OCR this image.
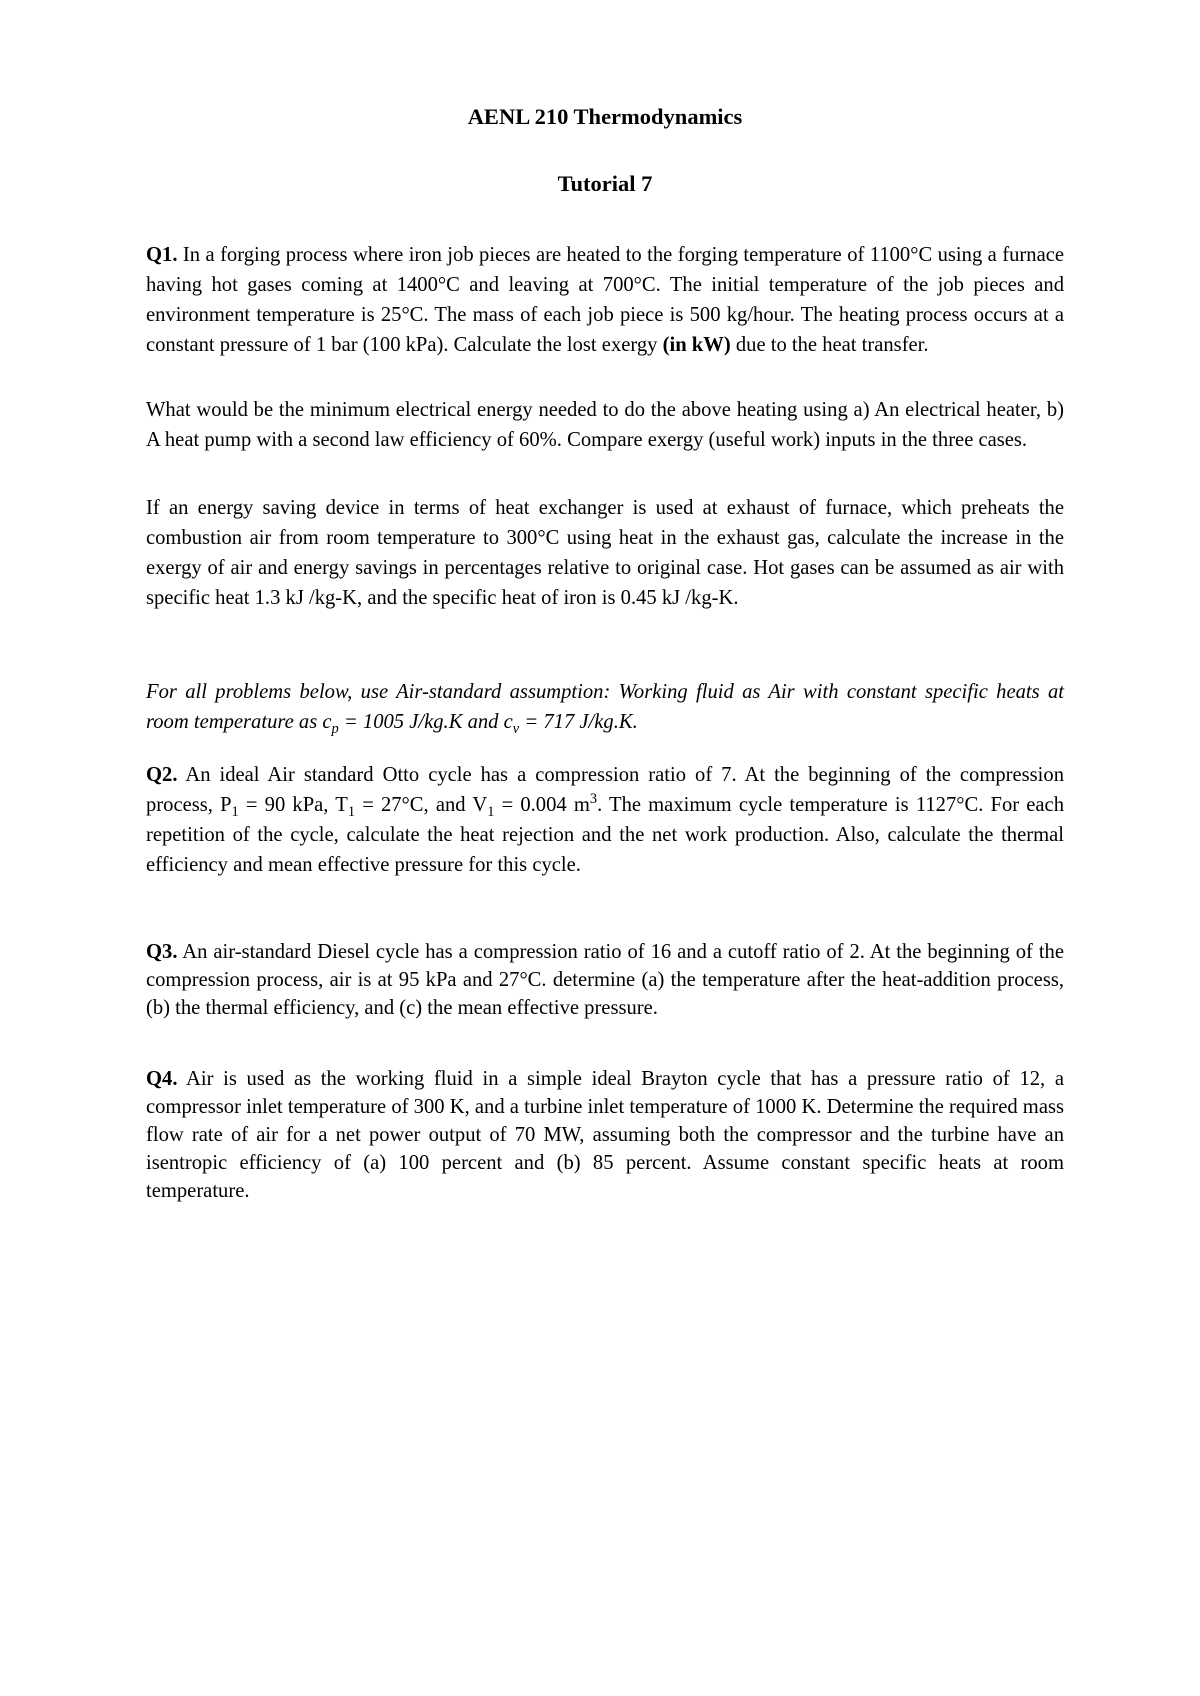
AENL 210 Thermodynamics
Tutorial 7

Q1. In a forging process where iron job pieces are heated to the forging temperature of 1100°C using a furnace having hot gases coming at 1400°C and leaving at 700°C. The initial temperature of the job pieces and environment temperature is 25°C. The mass of each job piece is 500 kg/hour. The heating process occurs at a constant pressure of 1 bar (100 kPa). Calculate the lost exergy (in kW) due to the heat transfer.

What would be the minimum electrical energy needed to do the above heating using a) An electrical heater, b) A heat pump with a second law efficiency of 60%. Compare exergy (useful work) inputs in the three cases.

If an energy saving device in terms of heat exchanger is used at exhaust of furnace, which preheats the combustion air from room temperature to 300°C using heat in the exhaust gas, calculate the increase in the exergy of air and energy savings in percentages relative to original case. Hot gases can be assumed as air with specific heat 1.3 kJ /kg-K, and the specific heat of iron is 0.45 kJ /kg-K.

For all problems below, use Air-standard assumption: Working fluid as Air with constant specific heats at room temperature as $c_p = 1005$ J/kg.K and $c_v = 717$ J/kg.K.

Q2. An ideal Air standard Otto cycle has a compression ratio of 7. At the beginning of the compression process, $P_1 = 90$ kPa, $T_1 = 27^\circ C$, and $V_1 = 0.004$ $m^3$. The maximum cycle temperature is 1127°C. For each repetition of the cycle, calculate the heat rejection and the net work production. Also, calculate the thermal efficiency and mean effective pressure for this cycle.

Q3. An air-standard Diesel cycle has a compression ratio of 16 and a cutoff ratio of 2. At the beginning of the compression process, air is at 95 kPa and 27°C. determine (a) the temperature after the heat-addition process, (b) the thermal efficiency, and (c) the mean effective pressure.

Q4. Air is used as the working fluid in a simple ideal Brayton cycle that has a pressure ratio of 12, a compressor inlet temperature of 300 K, and a turbine inlet temperature of 1000 K. Determine the required mass flow rate of air for a net power output of 70 MW, assuming both the compressor and the turbine have an isentropic efficiency of (a) 100 percent and (b) 85 percent. Assume constant specific heats at room temperature.
